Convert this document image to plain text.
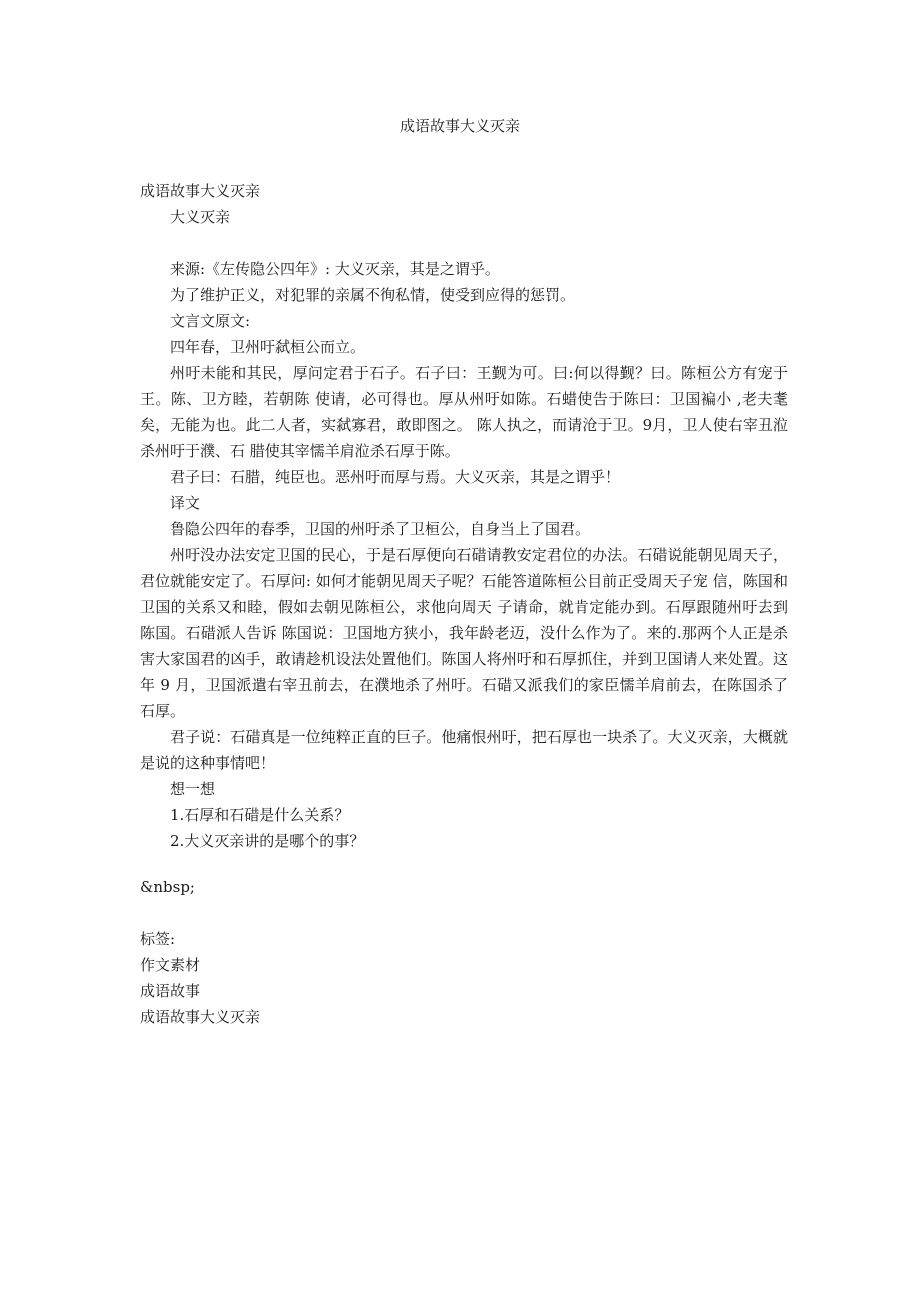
成语故事大义灭亲

成语故事大义灭亲

大义灭亲

来源:《左传隐公四年》: 大义灭亲，其是之谓乎。

为了维护正义，对犯罪的亲属不徇私情，使受到应得的惩罚。

文言文原文:

四年春，卫州吁弑桓公而立。

州吁未能和其民，厚问定君于石子。石子曰：王觐为可。曰:何以得觐？曰。陈桓公方有宠于王。陈、卫方睦，若朝陈 使请，必可得也。厚从州吁如陈。石蜡使告于陈曰：卫国褊小 ,老夫耄矣，无能为也。此二人者，实弑寡君，敢即图之。 陈人执之，而请沧于卫。9月，卫人使右宰丑涖杀州吁于濮、石 腊使其宰懦羊肩涖杀石厚于陈。

君子曰：石腊，纯臣也。恶州吁而厚与焉。大义灭亲，其是之谓乎！

译文

鲁隐公四年的春季，卫国的州吁杀了卫桓公，自身当上了国君。

州吁没办法安定卫国的民心，于是石厚便向石碏请教安定君位的办法。石碏说能朝见周天子，君位就能安定了。石厚问: 如何才能朝见周天子呢？石能答道陈桓公目前正受周天子宠 信，陈国和卫国的关系又和睦，假如去朝见陈桓公，求他向周天 子请命，就肯定能办到。石厚跟随州吁去到陈国。石碏派人告诉 陈国说：卫国地方狭小，我年龄老迈，没什么作为了。来的.那两个人正是杀害大家国君的凶手，敢请趁机设法处置他们。陈国人将州吁和石厚抓住，并到卫国请人来处置。这年 9 月，卫国派遣右宰丑前去，在濮地杀了州吁。石碏又派我们的家臣懦羊肩前去，在陈国杀了石厚。

君子说：石碏真是一位纯粹正直的巨子。他痛恨州吁，把石厚也一块杀了。大义灭亲，大概就是说的这种事情吧！

想一想

1.石厚和石碏是什么关系？

2.大义灭亲讲的是哪个的事？

&nbsp;

标签:

作文素材

成语故事

成语故事大义灭亲
